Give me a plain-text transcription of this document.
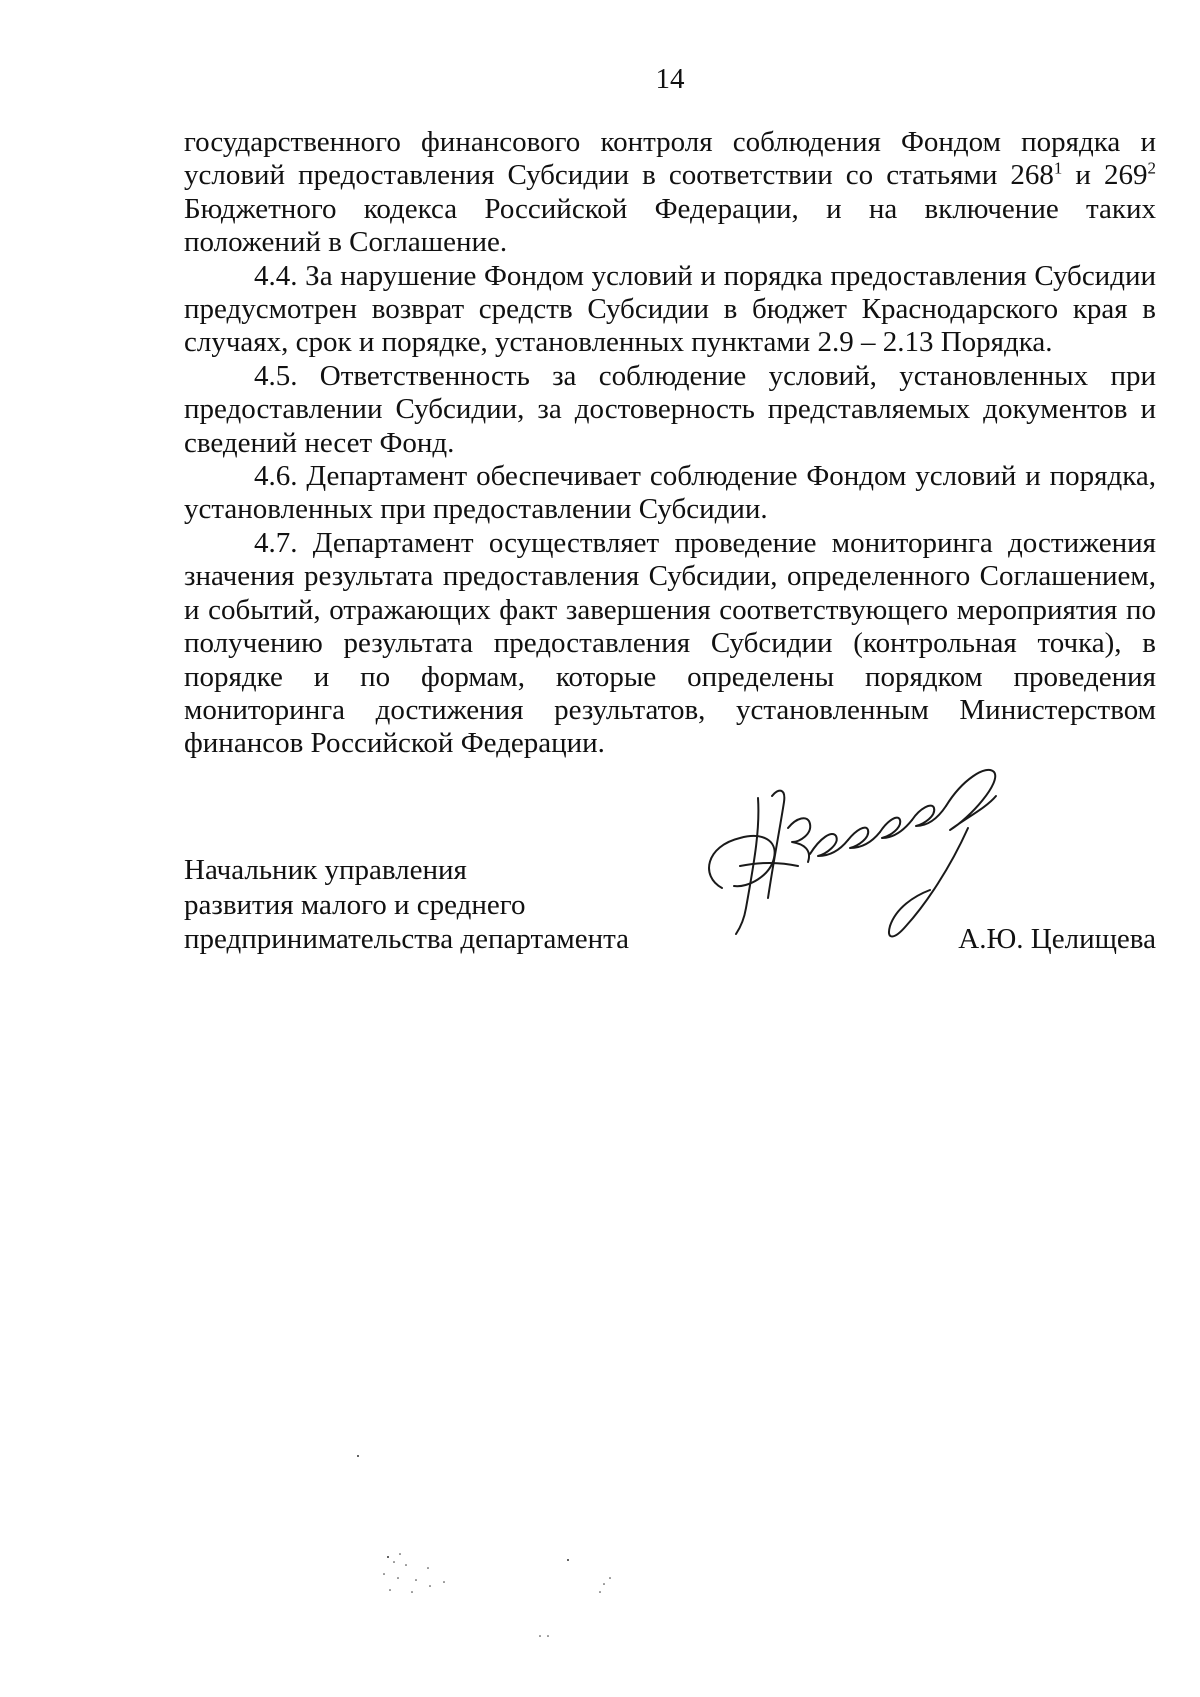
14

государственного финансового контроля соблюдения Фондом порядка и условий предоставления Субсидии в соответствии со статьями $268^1$ и $269^2$ Бюджетного кодекса Российской Федерации, и на включение таких положений в Соглашение.

4.4. За нарушение Фондом условий и порядка предоставления Субсидии предусмотрен возврат средств Субсидии в бюджет Краснодарского края в случаях, срок и порядке, установленных пунктами 2.9 – 2.13 Порядка.

4.5. Ответственность за соблюдение условий, установленных при предоставлении Субсидии, за достоверность представляемых документов и сведений несет Фонд.

4.6. Департамент обеспечивает соблюдение Фондом условий и порядка, установленных при предоставлении Субсидии.

4.7. Департамент осуществляет проведение мониторинга достижения значения результата предоставления Субсидии, определенного Соглашением, и событий, отражающих факт завершения соответствующего мероприятия по получению результата предоставления Субсидии (контрольная точка), в порядке и по формам, которые определены порядком проведения мониторинга достижения результатов, установленным Министерством финансов Российской Федерации.

Начальник управления
развития малого и среднего
предпринимательства департамента	А.Ю. Целищева
